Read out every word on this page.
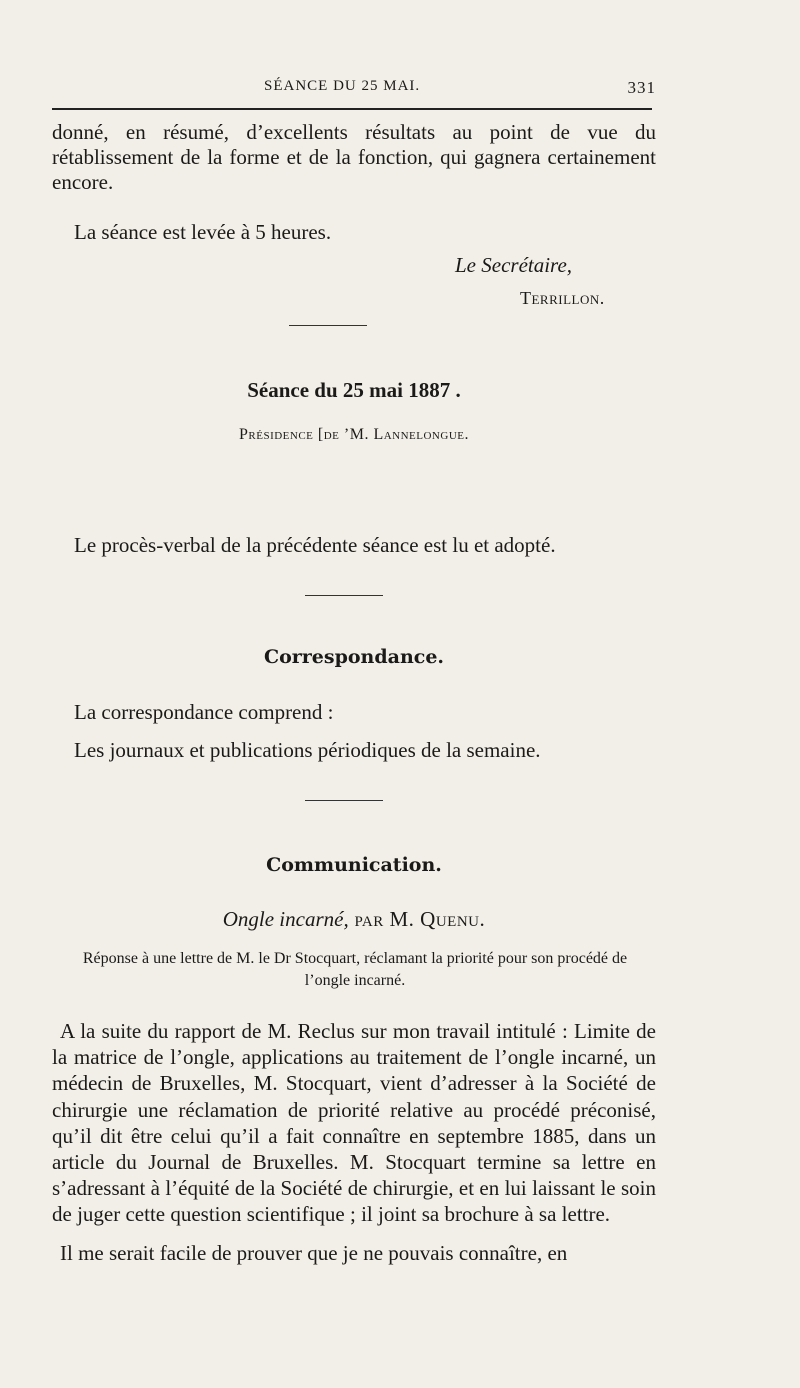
SÉANCE DU 25 MAI.	331
donné, en résumé, d’excellents résultats au point de vue du rétablissement de la forme et de la fonction, qui gagnera certainement encore.
La séance est levée à 5 heures.
Le Secrétaire,
Terrillon.
Séance du 25 mai 1887 .
Présidence [de ’M. Lannelongue.
Le procès-verbal de la précédente séance est lu et adopté.
Correspondance.
La correspondance comprend :
Les journaux et publications périodiques de la semaine.
Communication.
Ongle incarné, par M. Quenu.
Réponse à une lettre de M. le Dr Stocquart, réclamant la priorité pour son procédé de l’ongle incarné.
A la suite du rapport de M. Reclus sur mon travail intitulé : Limite de la matrice de l’ongle, applications au traitement de l’ongle incarné, un médecin de Bruxelles, M. Stocquart, vient d’adresser à la Société de chirurgie une réclamation de priorité relative au procédé préconisé, qu’il dit être celui qu’il a fait connaître en septembre 1885, dans un article du Journal de Bruxelles. M. Stocquart termine sa lettre en s’adressant à l’équité de la Société de chirurgie, et en lui laissant le soin de juger cette question scientifique ; il joint sa brochure à sa lettre.
Il me serait facile de prouver que je ne pouvais connaître, en
